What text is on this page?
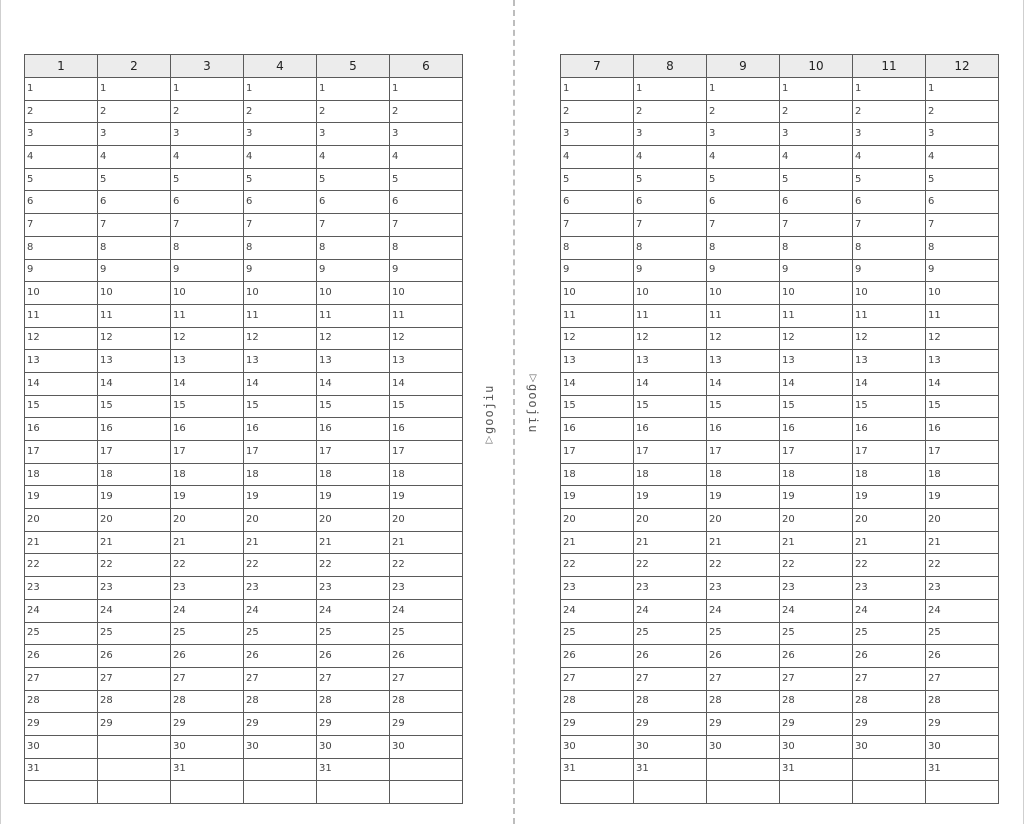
1	2	3	4	5	6
1	1	1	1	1	1
2	2	2	2	2	2
3	3	3	3	3	3
4	4	4	4	4	4
5	5	5	5	5	5
6	6	6	6	6	6
7	7	7	7	7	7
8	8	8	8	8	8
9	9	9	9	9	9
10	10	10	10	10	10
11	11	11	11	11	11
12	12	12	12	12	12
13	13	13	13	13	13
14	14	14	14	14	14
15	15	15	15	15	15
16	16	16	16	16	16
17	17	17	17	17	17
18	18	18	18	18	18
19	19	19	19	19	19
20	20	20	20	20	20
21	21	21	21	21	21
22	22	22	22	22	22
23	23	23	23	23	23
24	24	24	24	24	24
25	25	25	25	25	25
26	26	26	26	26	26
27	27	27	27	27	27
28	28	28	28	28	28
29	29	29	29	29	29
30		30	30	30	30
31		31		31	

▽
goojiu
▽
goojiu
7	8	9	10	11	12
1	1	1	1	1	1
2	2	2	2	2	2
3	3	3	3	3	3
4	4	4	4	4	4
5	5	5	5	5	5
6	6	6	6	6	6
7	7	7	7	7	7
8	8	8	8	8	8
9	9	9	9	9	9
10	10	10	10	10	10
11	11	11	11	11	11
12	12	12	12	12	12
13	13	13	13	13	13
14	14	14	14	14	14
15	15	15	15	15	15
16	16	16	16	16	16
17	17	17	17	17	17
18	18	18	18	18	18
19	19	19	19	19	19
20	20	20	20	20	20
21	21	21	21	21	21
22	22	22	22	22	22
23	23	23	23	23	23
24	24	24	24	24	24
25	25	25	25	25	25
26	26	26	26	26	26
27	27	27	27	27	27
28	28	28	28	28	28
29	29	29	29	29	29
30	30	30	30	30	30
31	31		31		31
